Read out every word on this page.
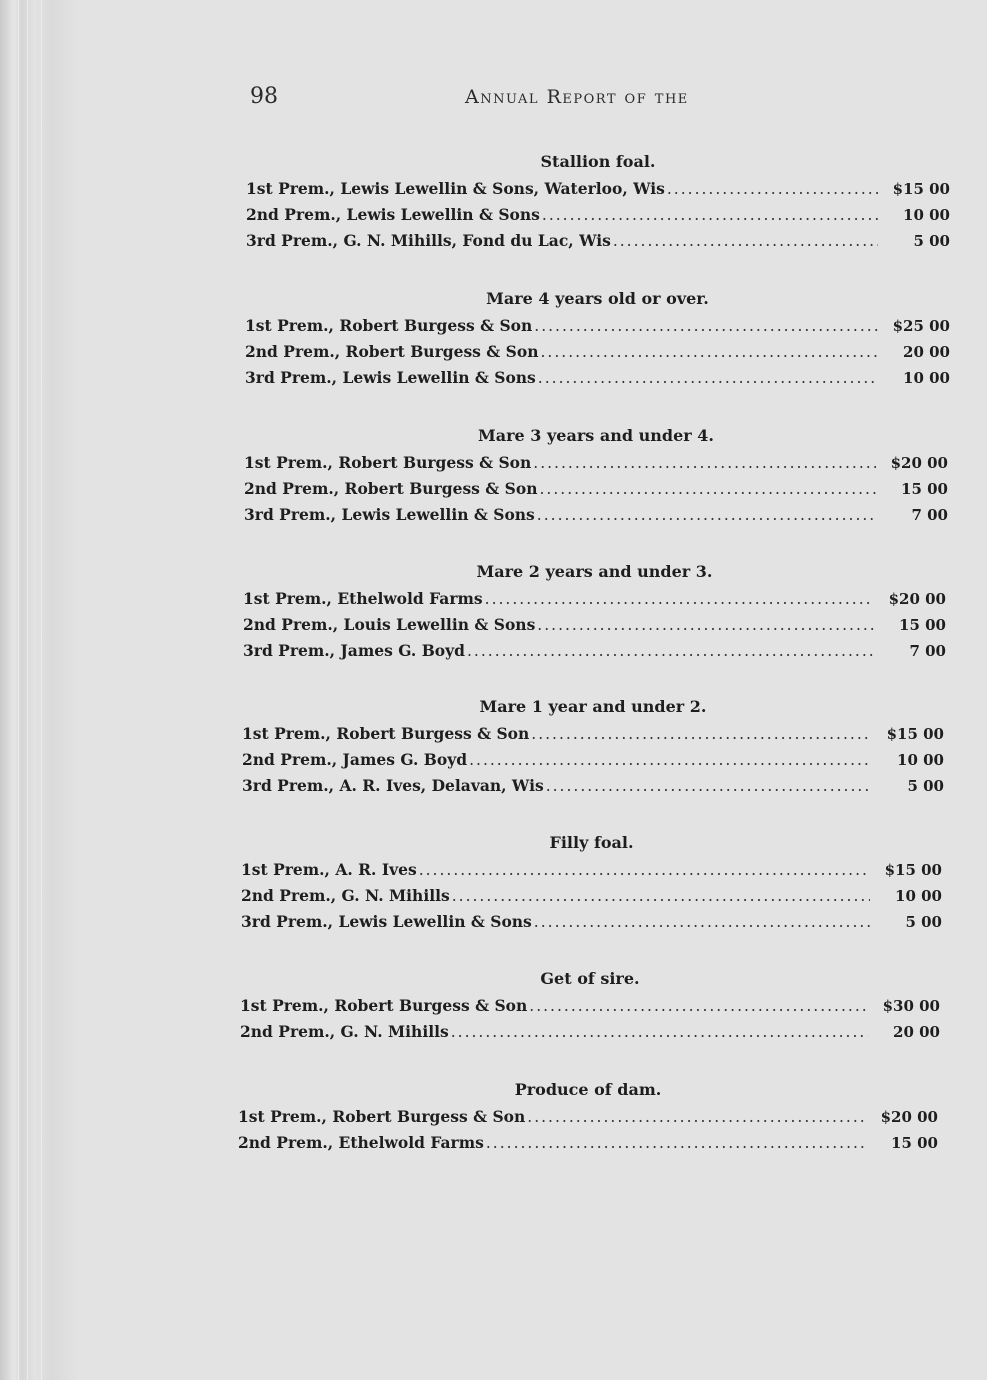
98	Annual Report of the
Stallion foal.
1st Prem., Lewis Lewellin & Sons, Waterloo, Wis .....	$15 00
2nd Prem., Lewis Lewellin & Sons .....	10 00
3rd Prem., G. N. Mihills, Fond du Lac, Wis .....	5 00
Mare 4 years old or over.
1st Prem., Robert Burgess & Son .....	$25 00
2nd Prem., Robert Burgess & Son .....	20 00
3rd Prem., Lewis Lewellin & Sons .....	10 00
Mare 3 years and under 4.
1st Prem., Robert Burgess & Son .....	$20 00
2nd Prem., Robert Burgess & Son .....	15 00
3rd Prem., Lewis Lewellin & Sons .....	7 00
Mare 2 years and under 3.
1st Prem., Ethelwold Farms .....	$20 00
2nd Prem., Louis Lewellin & Sons .....	15 00
3rd Prem., James G. Boyd .....	7 00
Mare 1 year and under 2.
1st Prem., Robert Burgess & Son .....	$15 00
2nd Prem., James G. Boyd .....	10 00
3rd Prem., A. R. Ives, Delavan, Wis .....	5 00
Filly foal.
1st Prem., A. R. Ives .....	$15 00
2nd Prem., G. N. Mihills .....	10 00
3rd Prem., Lewis Lewellin & Sons .....	5 00
Get of sire.
1st Prem., Robert Burgess & Son .....	$30 00
2nd Prem., G. N. Mihills .....	20 00
Produce of dam.
1st Prem., Robert Burgess & Son .....	$20 00
2nd Prem., Ethelwold Farms .....	15 00
